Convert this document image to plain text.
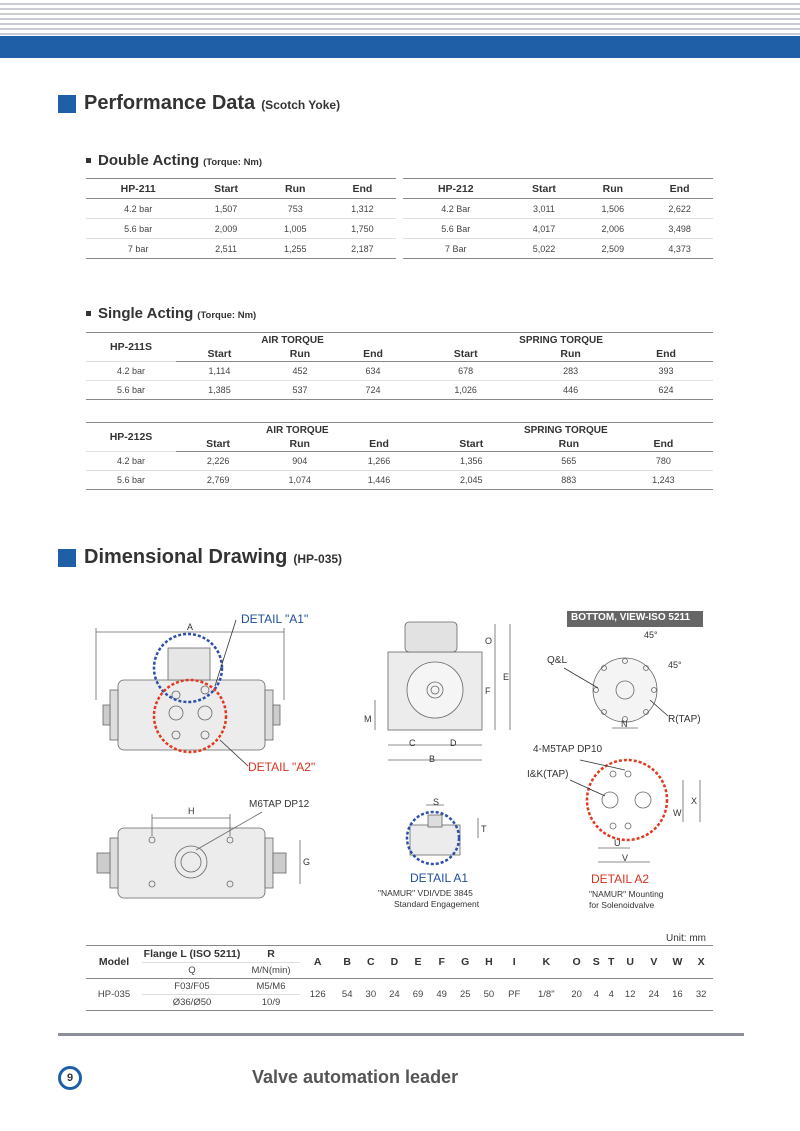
Performance Data (Scotch Yoke)
Double Acting (Torque: Nm)
HP-211	Start	Run	End
4.2 bar	1,507	753	1,312
5.6 bar	2,009	1,005	1,750
7 bar	2,511	1,255	2,187
HP-212	Start	Run	End
4.2 Bar	3,011	1,506	2,622
5.6 Bar	4,017	2,006	3,498
7 Bar	5,022	2,509	4,373
Single Acting (Torque: Nm)
HP-211S	AIR TORQUE			SPRING TORQUE		
	Start	Run	End	Start	Run	End
4.2 bar	1,114	452	634	678	283	393
5.6 bar	1,385	537	724	1,026	446	624
HP-212S	AIR TORQUE			SPRING TORQUE		
	Start	Run	End	Start	Run	End
4.2 bar	2,226	904	1,266	1,356	565	780
5.6 bar	2,769	1,074	1,446	2,045	883	1,243
Dimensional Drawing (HP-035)
DETAIL "A1"
DETAIL "A2"
A
H
G
M6TAP DP12
O
E
F
M
C	D
B
S
T
DETAIL A1
"NAMUR" VDI/VDE 3845
Standard Engagement
BOTTOM, VIEW-ISO 5211
45°
45°
Q&L
N	R(TAP)
4-M5TAP DP10
I&K(TAP)
X
W
U
V
DETAIL A2
"NAMUR" Mounting
for Solenoidvalve
Unit: mm
Model	Flange L (ISO 5211)	R	A	B	C	D	E	F	G	H	I	K	O	S	T	U	V	W	X
	Q	M/N(min)																	
HP-035	F03/F05	M5/M6	126	54	30	24	69	49	25	50	PF	1/8"	20	4	4	12	24	16	32
	Ø36/Ø50	10/9																	
9	Valve automation leader
